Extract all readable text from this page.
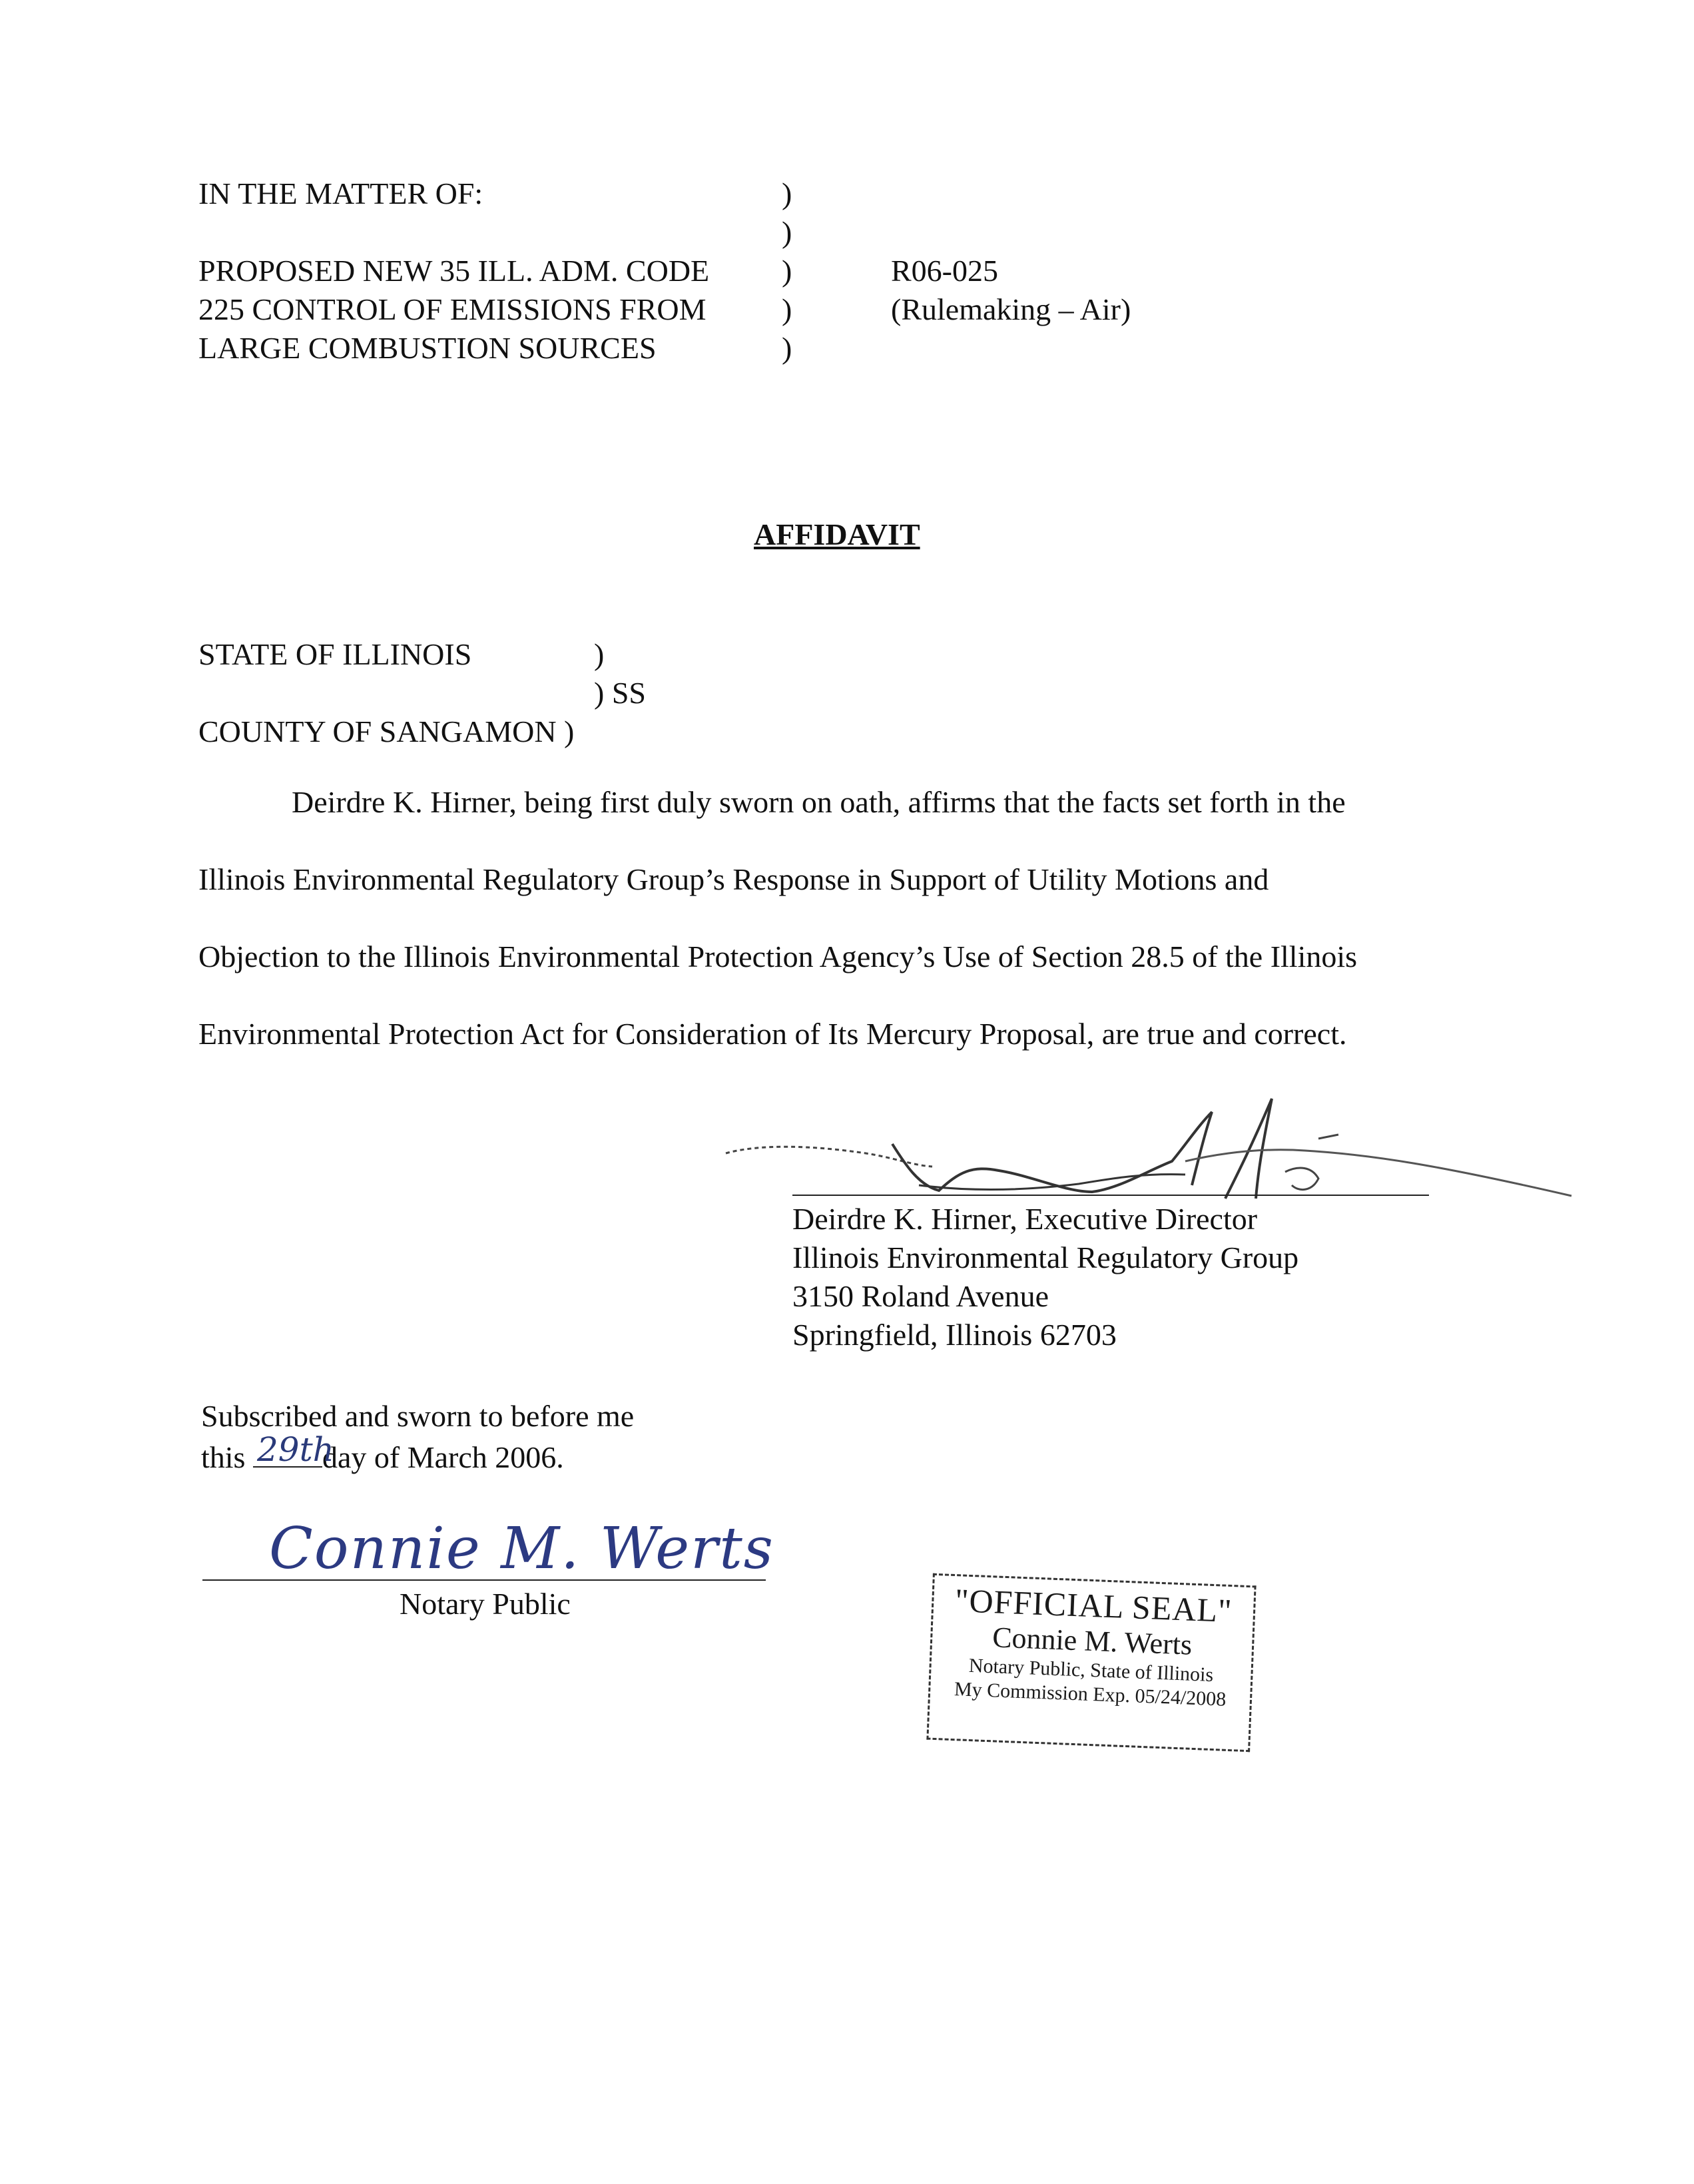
IN THE MATTER OF:

PROPOSED NEW 35 ILL. ADM. CODE
225 CONTROL OF EMISSIONS FROM
LARGE COMBUSTION SOURCES
)
)
)
)
)
R06-025
(Rulemaking – Air)
AFFIDAVIT
STATE OF ILLINOIS	)
) SS
COUNTY OF SANGAMON )
Deirdre K. Hirner, being first duly sworn on oath, affirms that the facts set forth in the
Illinois Environmental Regulatory Group’s Response in Support of Utility Motions and
Objection to the Illinois Environmental Protection Agency’s Use of Section 28.5 of the Illinois
Environmental Protection Act for Consideration of Its Mercury Proposal, are true and correct.
Deirdre K. Hirner, Executive Director
Illinois Environmental Regulatory Group
3150 Roland Avenue
Springfield, Illinois 62703
Subscribed and sworn to before me
this 29th
day of March 2006.
Connie M. Werts
Notary Public	"OFFICIAL SEAL"
Connie M. Werts
Notary Public, State of Illinois
My Commission Exp. 05/24/2008
